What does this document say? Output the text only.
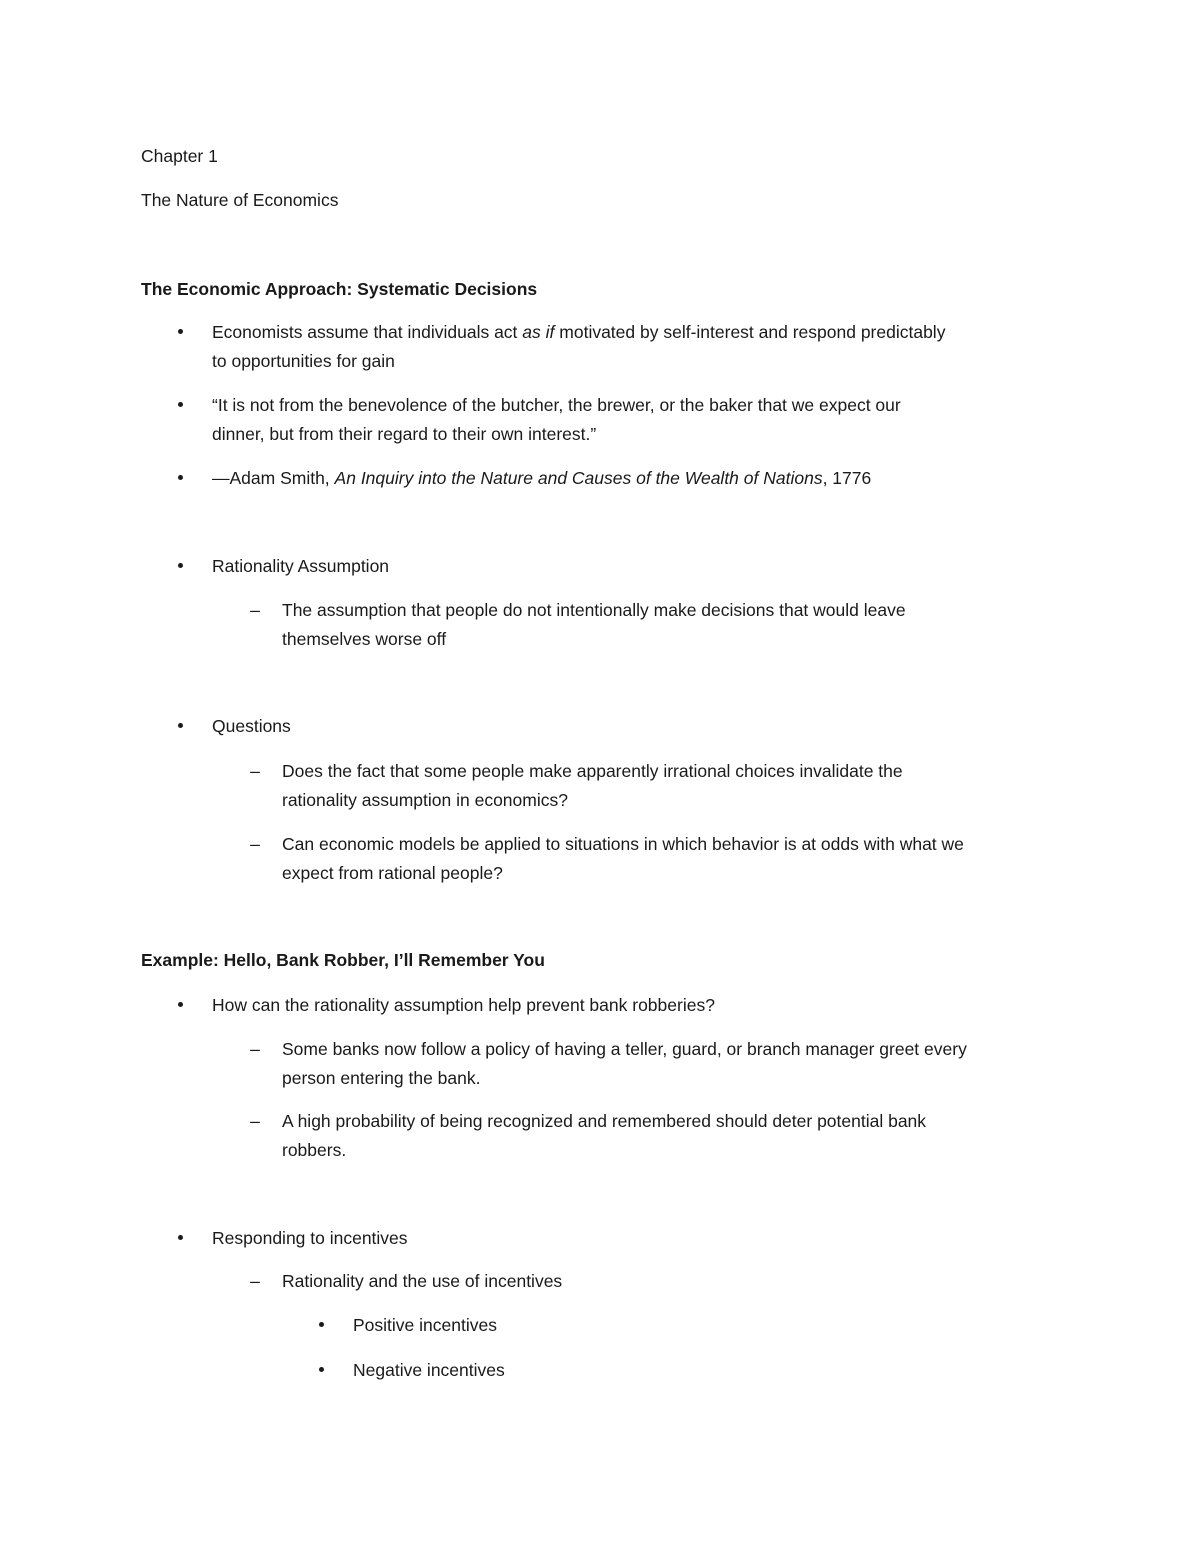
Chapter 1

The Nature of Economics

The Economic Approach: Systematic Decisions

Economists assume that individuals act as if motivated by self-interest and respond predictably

to opportunities for gain

“It is not from the benevolence of the butcher, the brewer, or the baker that we expect our

dinner, but from their regard to their own interest.”

—Adam Smith, An Inquiry into the Nature and Causes of the Wealth of Nations, 1776

Rationality Assumption

–

The assumption that people do not intentionally make decisions that would leave

themselves worse off

Questions

–

Does the fact that some people make apparently irrational choices invalidate the

rationality assumption in economics?

–

Can economic models be applied to situations in which behavior is at odds with what we

expect from rational people?

Example: Hello, Bank Robber, I’ll Remember You

How can the rationality assumption help prevent bank robberies?

–

Some banks now follow a policy of having a teller, guard, or branch manager greet every

person entering the bank.

–

A high probability of being recognized and remembered should deter potential bank

robbers.

Responding to incentives

–

Rationality and the use of incentives

Positive incentives

Negative incentives
